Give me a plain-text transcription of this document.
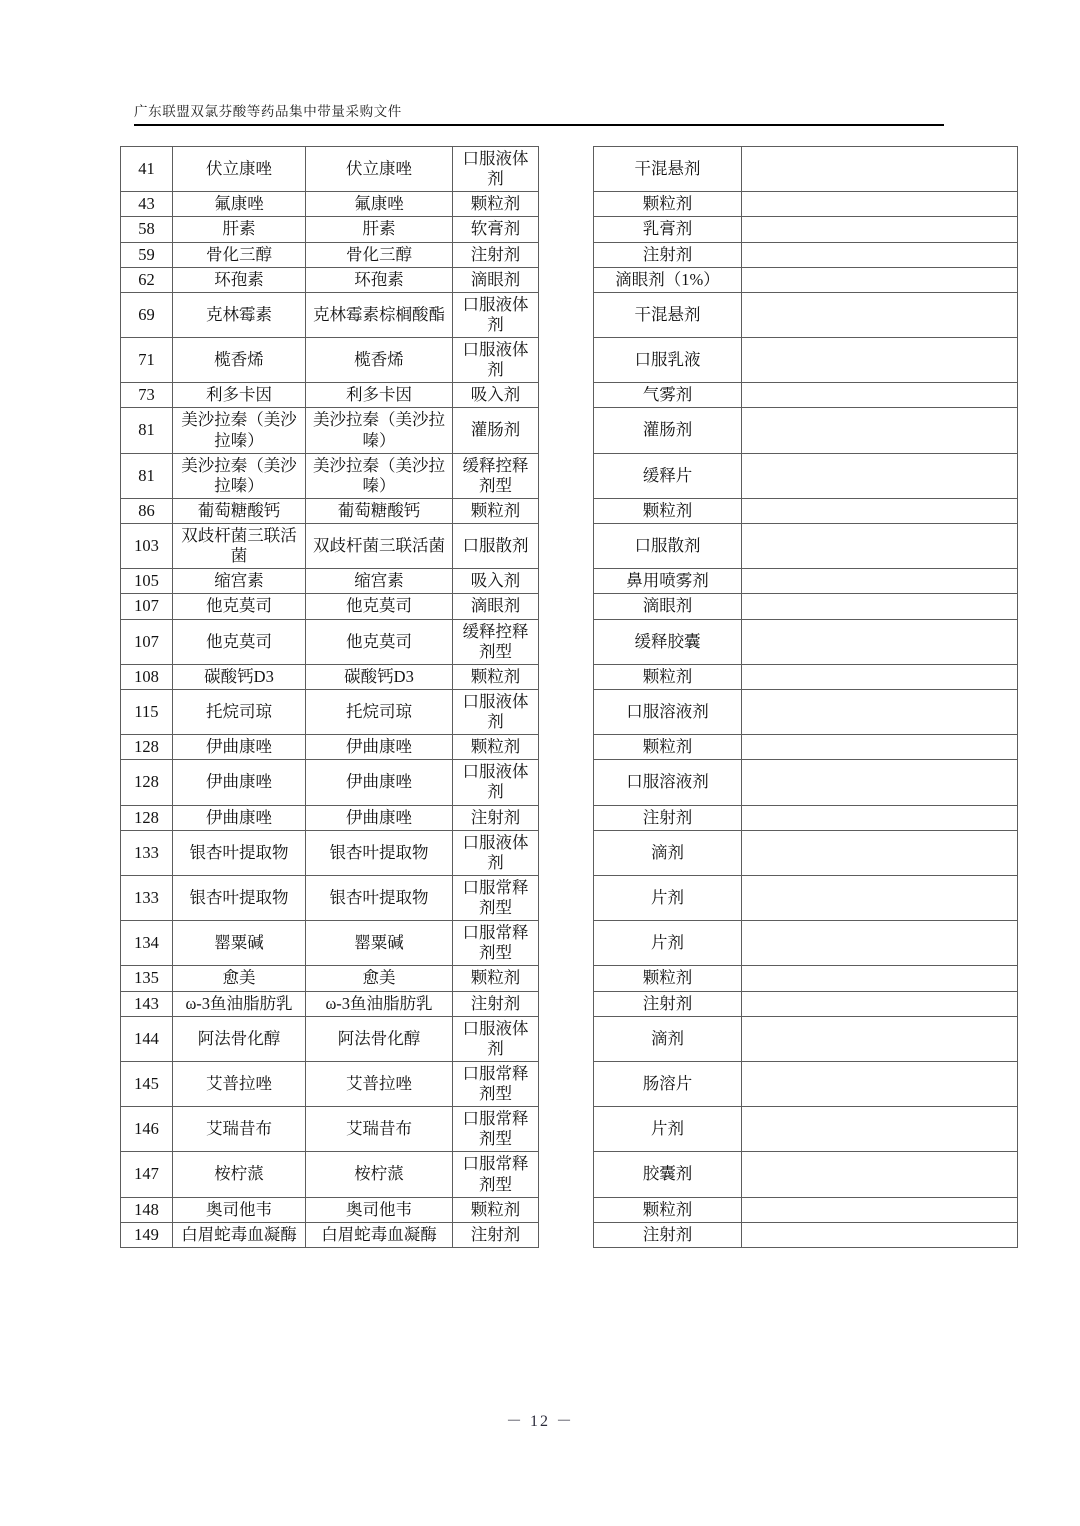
广东联盟双氯芬酸等药品集中带量采购文件
41	伏立康唑	伏立康唑	口服液体剂		干混悬剂	
43	氟康唑	氟康唑	颗粒剂		颗粒剂	
58	肝素	肝素	软膏剂		乳膏剂	
59	骨化三醇	骨化三醇	注射剂		注射剂	
62	环孢素	环孢素	滴眼剂		滴眼剂（1%）	
69	克林霉素	克林霉素棕榈酸酯	口服液体剂		干混悬剂	
71	榄香烯	榄香烯	口服液体剂		口服乳液	
73	利多卡因	利多卡因	吸入剂		气雾剂	
81	美沙拉秦（美沙拉嗪）	美沙拉秦（美沙拉嗪）	灌肠剂		灌肠剂	
81	美沙拉秦（美沙拉嗪）	美沙拉秦（美沙拉嗪）	缓释控释剂型		缓释片	
86	葡萄糖酸钙	葡萄糖酸钙	颗粒剂		颗粒剂	
103	双歧杆菌三联活菌	双歧杆菌三联活菌	口服散剂		口服散剂	
105	缩宫素	缩宫素	吸入剂		鼻用喷雾剂	
107	他克莫司	他克莫司	滴眼剂		滴眼剂	
107	他克莫司	他克莫司	缓释控释剂型		缓释胶囊	
108	碳酸钙D3	碳酸钙D3	颗粒剂		颗粒剂	
115	托烷司琼	托烷司琼	口服液体剂		口服溶液剂	
128	伊曲康唑	伊曲康唑	颗粒剂		颗粒剂	
128	伊曲康唑	伊曲康唑	口服液体剂		口服溶液剂	
128	伊曲康唑	伊曲康唑	注射剂		注射剂	
133	银杏叶提取物	银杏叶提取物	口服液体剂		滴剂	
133	银杏叶提取物	银杏叶提取物	口服常释剂型		片剂	
134	罂粟碱	罂粟碱	口服常释剂型		片剂	
135	愈美	愈美	颗粒剂		颗粒剂	
143	ω-3鱼油脂肪乳	ω-3鱼油脂肪乳	注射剂		注射剂	
144	阿法骨化醇	阿法骨化醇	口服液体剂		滴剂	
145	艾普拉唑	艾普拉唑	口服常释剂型		肠溶片	
146	艾瑞昔布	艾瑞昔布	口服常释剂型		片剂	
147	桉柠蒎	桉柠蒎	口服常释剂型		胶囊剂	
148	奥司他韦	奥司他韦	颗粒剂		颗粒剂	
149	白眉蛇毒血凝酶	白眉蛇毒血凝酶	注射剂		注射剂	
－ 12 －
